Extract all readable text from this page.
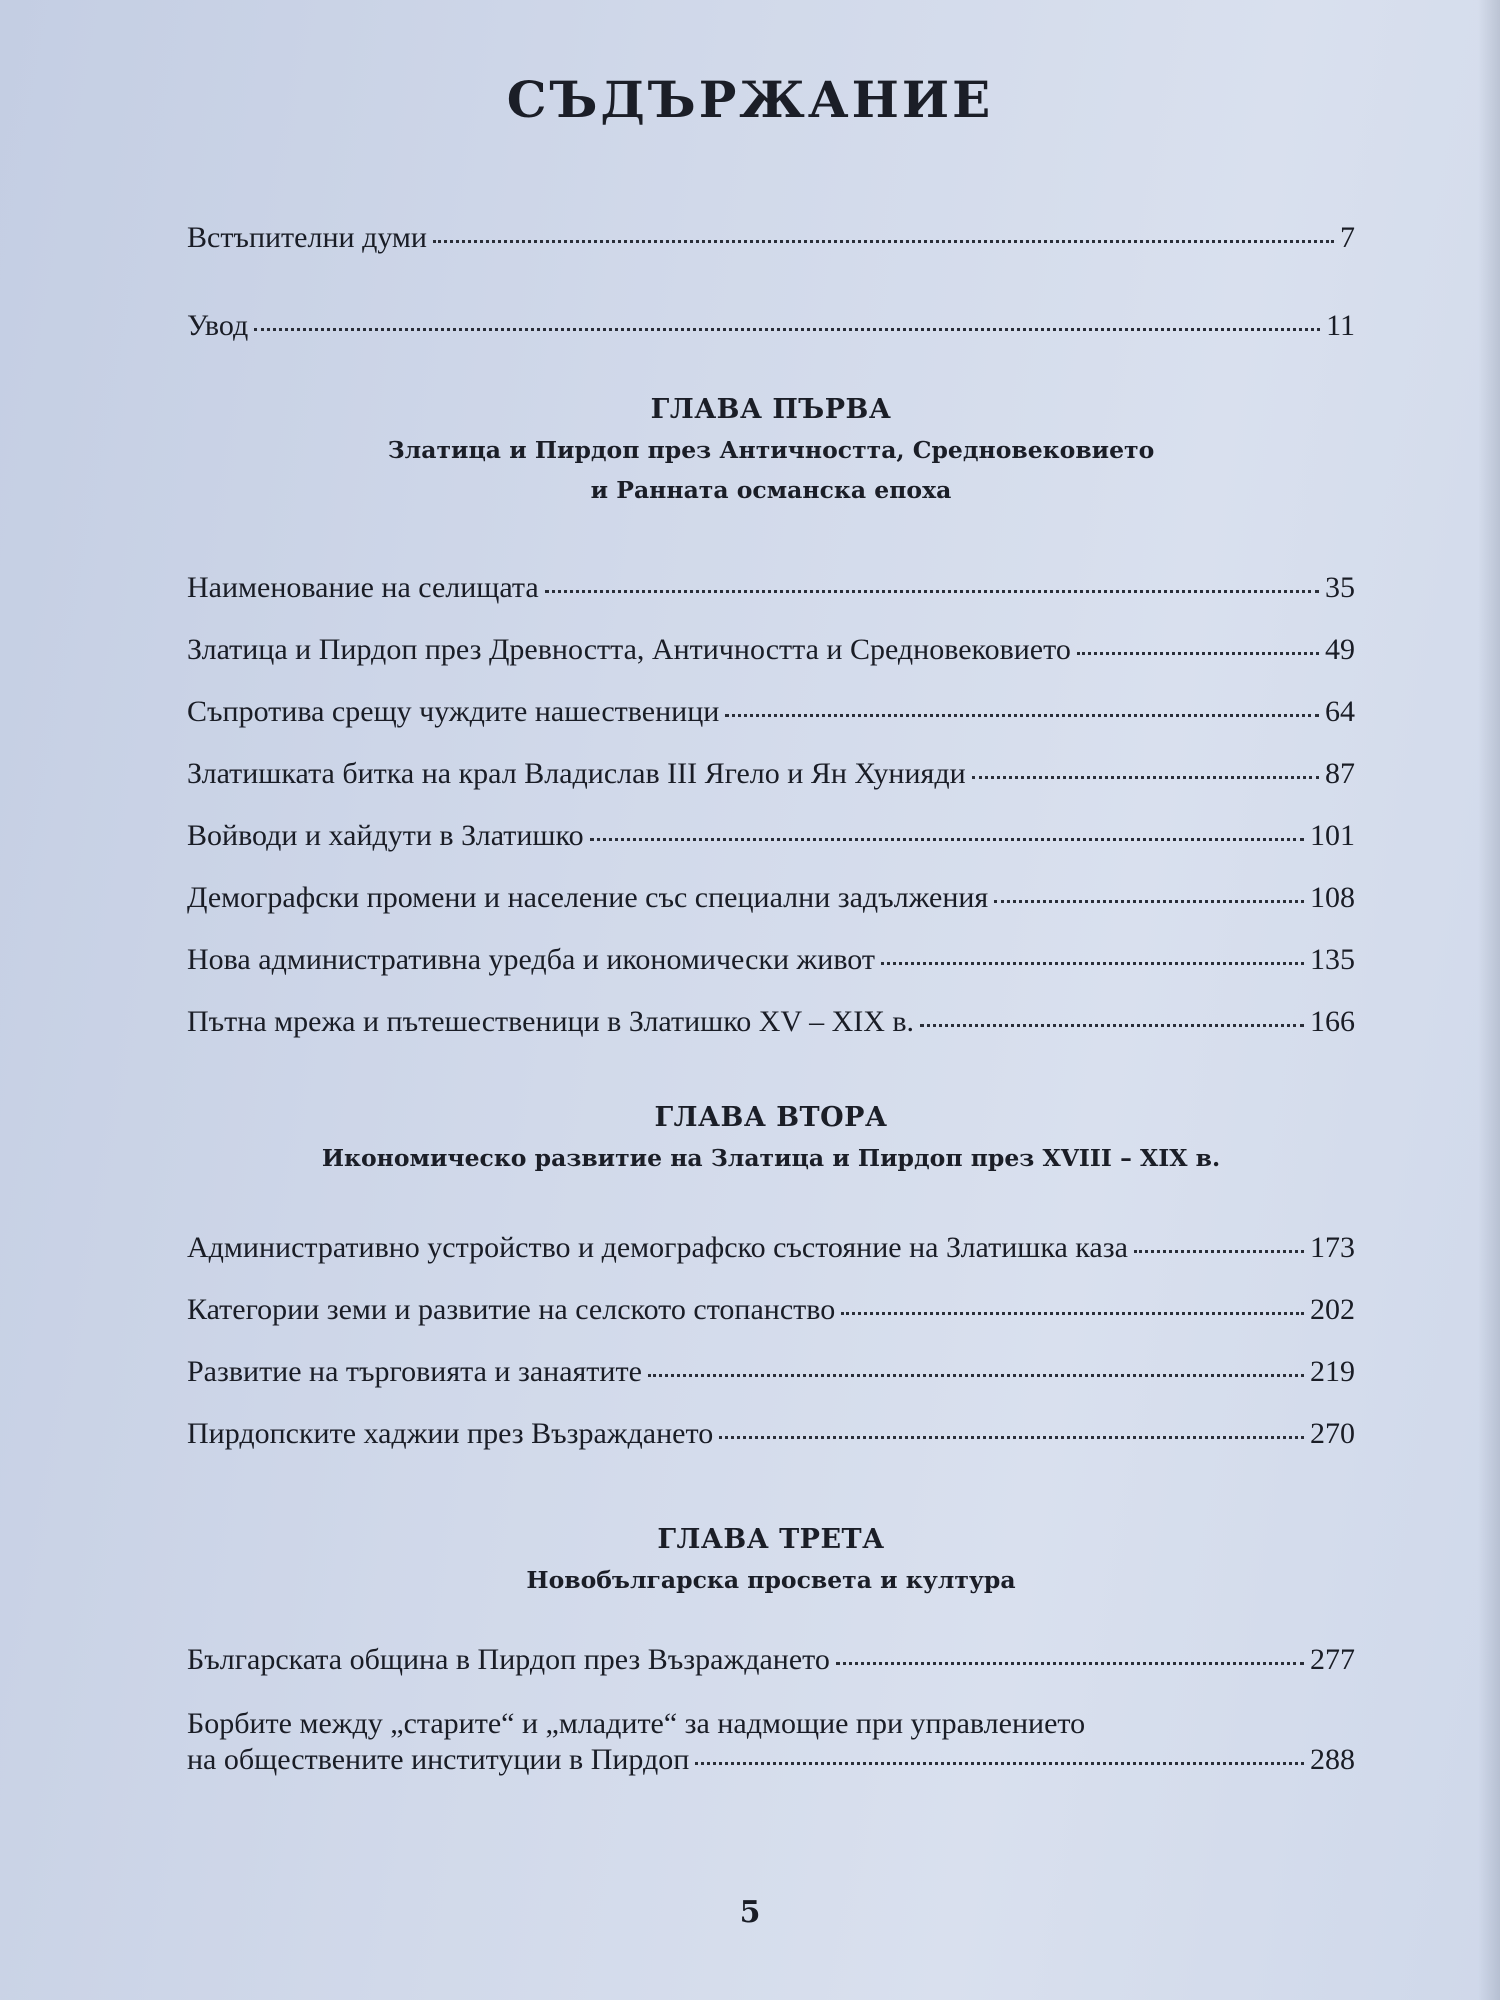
СЪДЪРЖАНИЕ
Встъпителни думи	7
Увод	11
ГЛАВА ПЪРВА
Златица и Пирдоп през Античността, Средновековието
и Ранната османска епоха
Наименование на селищата	35
Златица и Пирдоп през Древността, Античността и Средновековието	49
Съпротива срещу чуждите нашественици	64
Златишката битка на крал Владислав III Ягело и Ян Хунияди	87
Войводи и хайдути в Златишко	101
Демографски промени и население със специални задължения	108
Нова административна уредба и икономически живот	135
Пътна мрежа и пътешественици в Златишко XV – XIX в.	166
ГЛАВА ВТОРА
Икономическо развитие на Златица и Пирдоп през XVIII – XIX в.
Административно устройство и демографско състояние на Златишка каза	173
Категории земи и развитие на селското стопанство	202
Развитие на търговията и занаятите	219
Пирдопските хаджии през Възраждането	270
ГЛАВА ТРЕТА
Новобългарска просвета и култура
Българската община в Пирдоп през Възраждането	277
Борбите между „старите“ и „младите“ за надмощие при управлението
на обществените институции в Пирдоп	288
5
